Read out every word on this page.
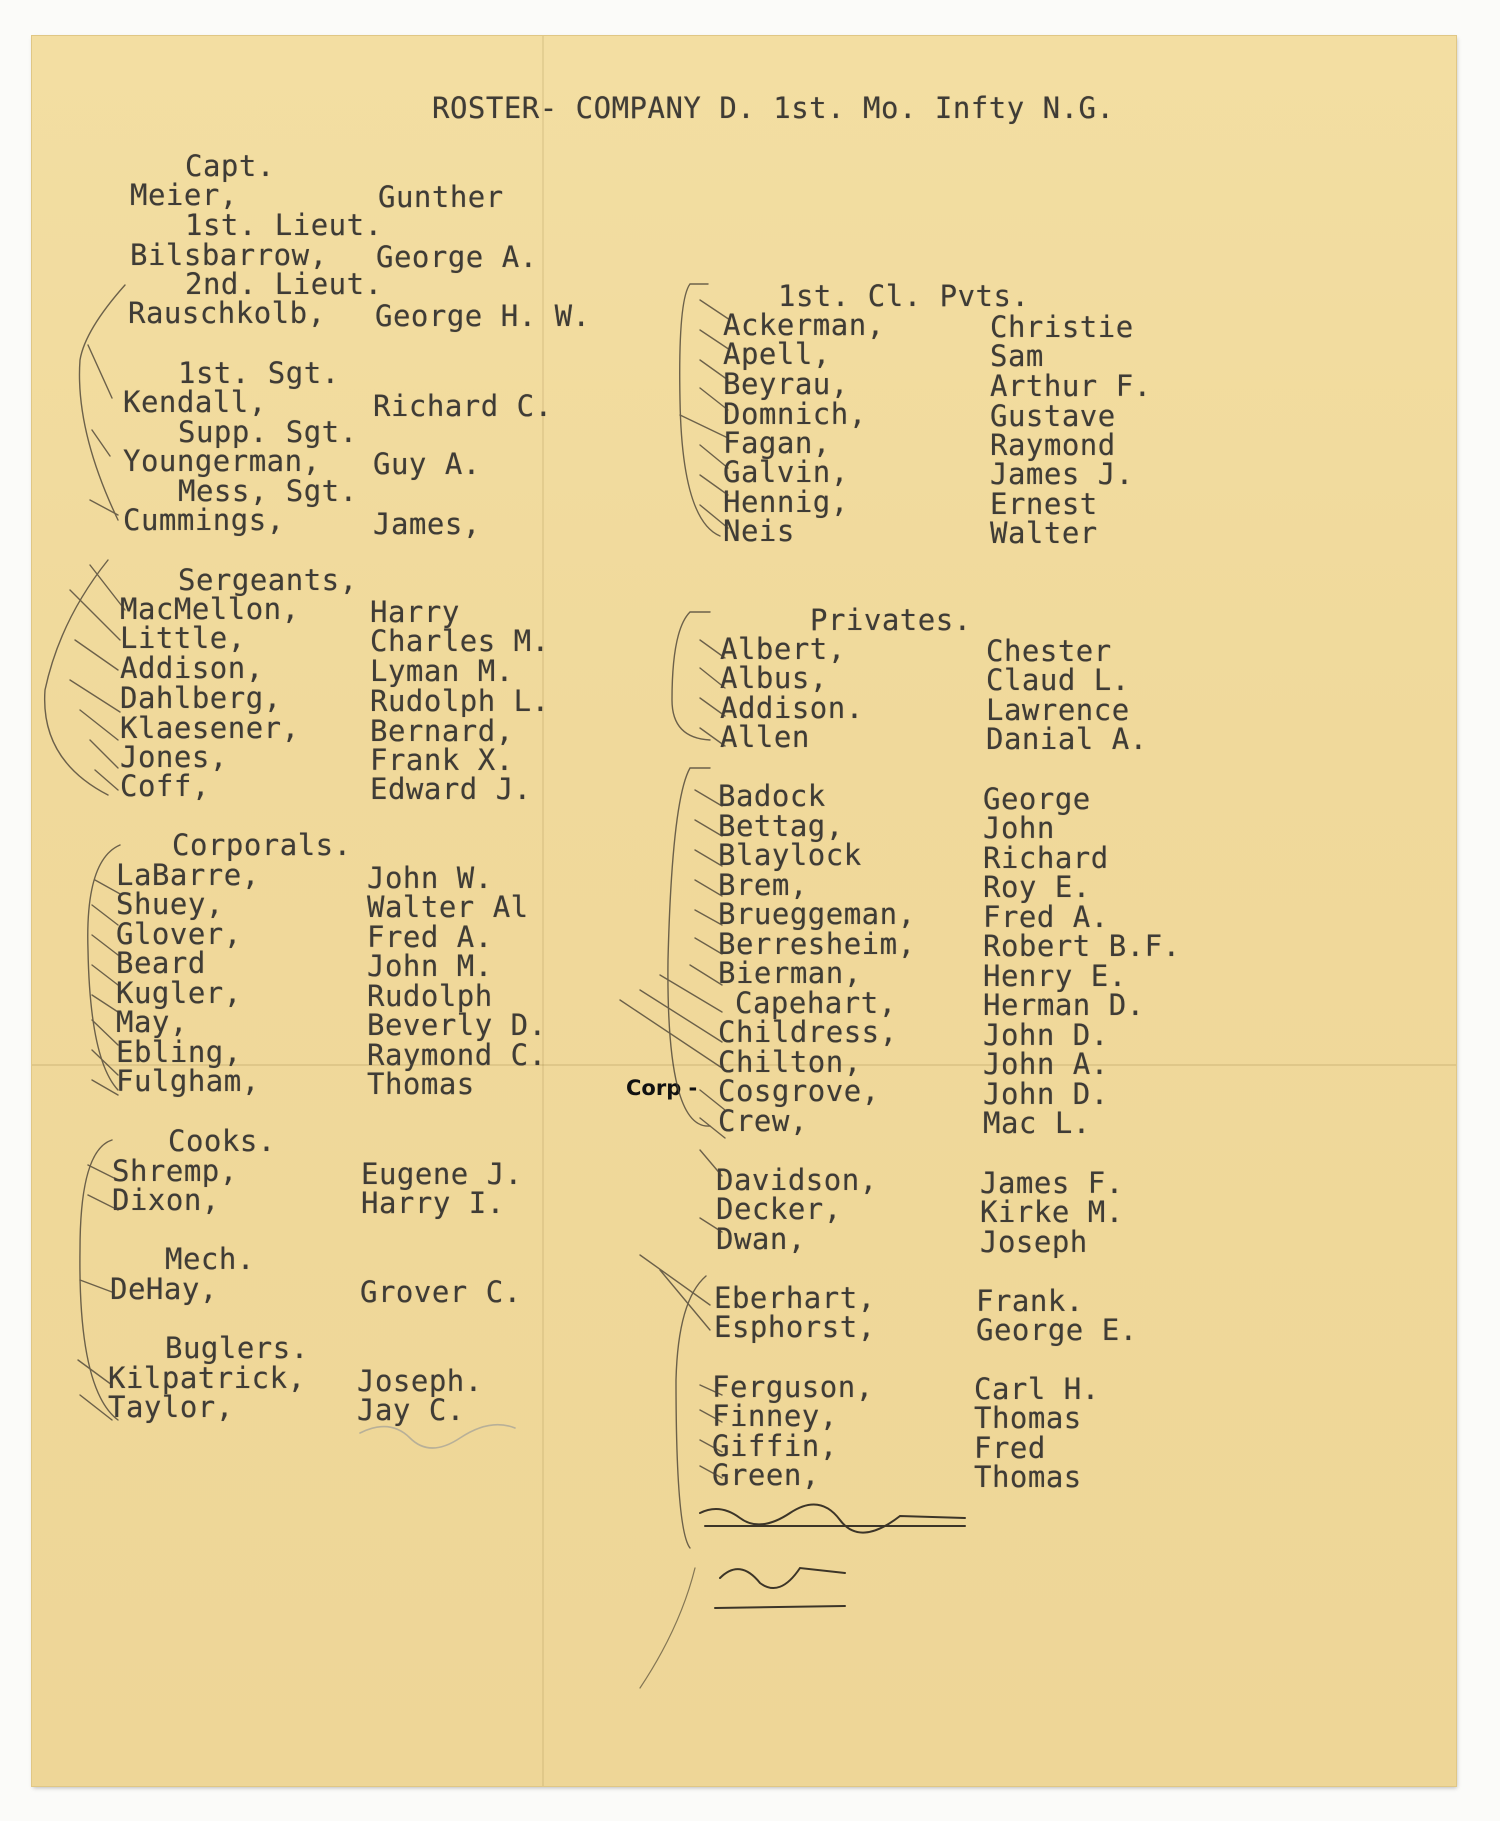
ROSTER- COMPANY D. 1st. Mo. Infty N.G.
Capt.
Meier,	Gunther
1st. Lieut.
Bilsbarrow, George A.
2nd. Lieut.
Rauschkolb, George H. W.
1st. Sgt.
Kendall,	Richard C.
Supp. Sgt.
Youngerman, Guy A.
Mess, Sgt.
Cummings,	James,
Sergeants,
MacMellon, Harry
Little,	Charles M.
Addison,	Lyman M.
Dahlberg,	Rudolph L.
Klaesener, Bernard,
Jones,	Frank X.
Coff,	Edward J.
Corporals.
LaBarre,	John W.
Shuey,	Walter Al
Glover,	Fred A.
Beard	John M.
Kugler,	Rudolph
May,	Beverly D.
Ebling,	Raymond C.
Fulgham,	Thomas
Cooks.
Shremp,	Eugene J.
Dixon,	Harry I.
Mech.
DeHay,	Grover C.
Buglers.
Kilpatrick, Joseph.
Taylor,	Jay C.
1st. Cl. Pvts.
Ackerman,	Christie
Apell,	Sam
Beyrau,	Arthur F.
Domnich,	Gustave
Fagan,	Raymond
Galvin,	James J.
Hennig,	Ernest
Neis	Walter
Privates.
Albert,	Chester
Albus,	Claud L.
Addison.	Lawrence
Allen	Danial A.
Badock	George
Bettag,	John
Blaylock	Richard
Brem,	Roy E.
Brueggeman, Fred A.
Berresheim, Robert B.F.
Bierman,	Henry E.
Capehart,	Herman D.
Childress,	John D.
Chilton,	John A.
Cosgrove,	John D.
Crew,	Mac L.
Davidson,	James F.
Decker,	Kirke M.
Dwan,	Joseph
Eberhart,	Frank.
Esphorst,	George E.
Ferguson,	Carl H.
Finney,	Thomas
Giffin,	Fred
Green,	Thomas
Corp -
